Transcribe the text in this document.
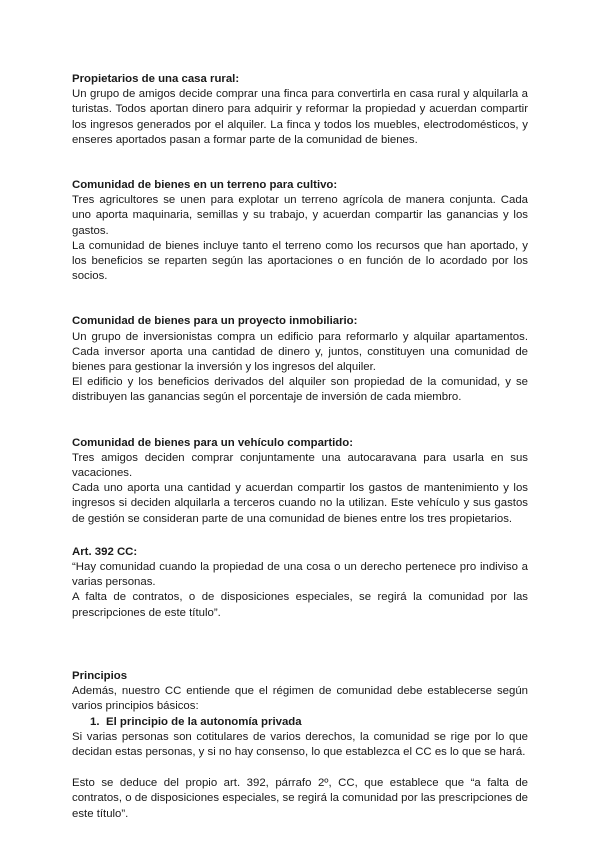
Propietarios de una casa rural:

Un grupo de amigos decide comprar una finca para convertirla en casa rural y alquilarla a turistas. Todos aportan dinero para adquirir y reformar la propiedad y acuerdan compartir los ingresos generados por el alquiler. La finca y todos los muebles, electrodomésticos, y enseres aportados pasan a formar parte de la comunidad de bienes.

Comunidad de bienes en un terreno para cultivo:

Tres agricultores se unen para explotar un terreno agrícola de manera conjunta. Cada uno aporta maquinaria, semillas y su trabajo, y acuerdan compartir las ganancias y los gastos.

La comunidad de bienes incluye tanto el terreno como los recursos que han aportado, y los beneficios se reparten según las aportaciones o en función de lo acordado por los socios.

Comunidad de bienes para un proyecto inmobiliario:

Un grupo de inversionistas compra un edificio para reformarlo y alquilar apartamentos. Cada inversor aporta una cantidad de dinero y, juntos, constituyen una comunidad de bienes para gestionar la inversión y los ingresos del alquiler.

El edificio y los beneficios derivados del alquiler son propiedad de la comunidad, y se distribuyen las ganancias según el porcentaje de inversión de cada miembro.

Comunidad de bienes para un vehículo compartido:

Tres amigos deciden comprar conjuntamente una autocaravana para usarla en sus vacaciones.

Cada uno aporta una cantidad y acuerdan compartir los gastos de mantenimiento y los ingresos si deciden alquilarla a terceros cuando no la utilizan. Este vehículo y sus gastos de gestión se consideran parte de una comunidad de bienes entre los tres propietarios.

Art. 392 CC:

“Hay comunidad cuando la propiedad de una cosa o un derecho pertenece pro indiviso a varias personas.

A falta de contratos, o de disposiciones especiales, se regirá la comunidad por las prescripciones de este título”.

Principios

Además, nuestro CC entiende que el régimen de comunidad debe establecerse según varios principios básicos:

1. El principio de la autonomía privada

Si varias personas son cotitulares de varios derechos, la comunidad se rige por lo que decidan estas personas, y si no hay consenso, lo que establezca el CC es lo que se hará.

Esto se deduce del propio art. 392, párrafo 2º, CC, que establece que “a falta de contratos, o de disposiciones especiales, se regirá la comunidad por las prescripciones de este título”.
